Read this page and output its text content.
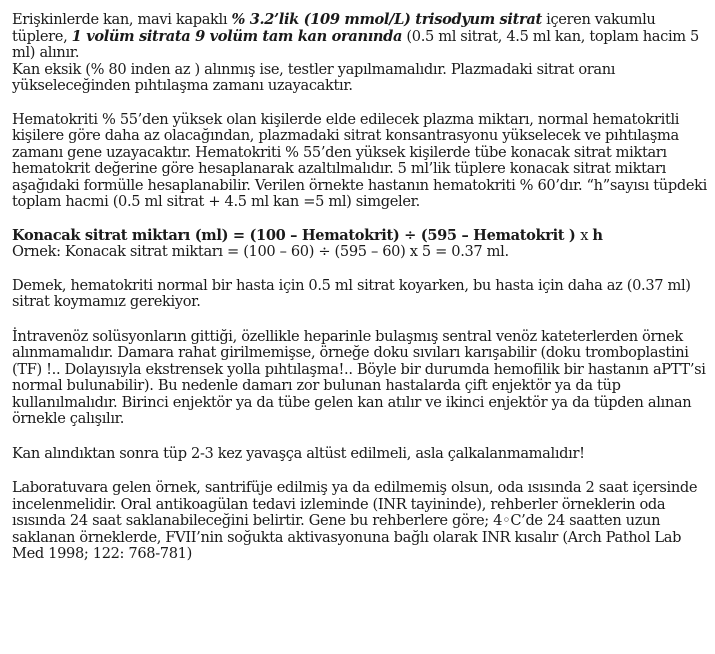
Erişkinlerde kan, mavi kapaklı % 3.2’lik (109 mmol/L) trisodyum sitrat içeren vakumlu tüplere, 1 volüm sitrata 9 volüm tam kan oranında (0.5 ml sitrat, 4.5 ml kan, toplam hacim 5 ml) alınır.

Kan eksik (% 80 inden az ) alınmış ise, testler yapılmamalıdır. Plazmadaki sitrat oranı yükseleceğinden pıhtılaşma zamanı uzayacaktır.

Hematokriti % 55’den yüksek olan kişilerde elde edilecek plazma miktarı, normal hematokritli kişilere göre daha az olacağından, plazmadaki sitrat konsantrasyonu yükselecek ve pıhtılaşma zamanı gene uzayacaktır. Hematokriti % 55’den yüksek kişilerde tübe konacak sitrat miktarı hematokrit değerine göre hesaplanarak azaltılmalıdır. 5 ml’lik tüplere konacak sitrat miktarı aşağıdaki formülle hesaplanabilir. Verilen örnekte hastanın hematokriti % 60’dır. “h”sayısı tüpdeki toplam hacmi (0.5 ml sitrat + 4.5 ml kan =5 ml) simgeler.

Konacak sitrat miktarı (ml) = (100 – Hematokrit) ÷ (595 – Hematokrit ) x h

Ornek: Konacak sitrat miktarı = (100 – 60) ÷ (595 – 60) x 5 = 0.37 ml.

Demek, hematokriti normal bir hasta için 0.5 ml sitrat koyarken, bu hasta için daha az (0.37 ml) sitrat koymamız gerekiyor.

İntravenöz solüsyonların gittiği, özellikle heparinle bulaşmış sentral venöz kateterlerden örnek alınmamalıdır. Damara rahat girilmemişse, örneğe doku sıvıları karışabilir (doku tromboplastini (TF) !.. Dolayısıyla ekstrensek yolla pıhtılaşma!.. Böyle bir durumda hemofilik bir hastanın aPTT’si normal bulunabilir). Bu nedenle damarı zor bulunan hastalarda çift enjektör ya da tüp kullanılmalıdır. Birinci enjektör ya da tübe gelen kan atılır ve ikinci enjektör ya da tüpden alınan örnekle çalışılır.

Kan alındıktan sonra tüp 2-3 kez yavaşça altüst edilmeli, asla çalkalanmamalıdır!

Laboratuvara gelen örnek, santrifüje edilmiş ya da edilmemiş olsun, oda ısısında 2 saat içersinde incelenmelidir. Oral antikoagülan tedavi izleminde (INR tayininde), rehberler örneklerin oda ısısında 24 saat saklanabileceğini belirtir. Gene bu rehberlere göre; 4◦C’de 24 saatten uzun saklanan örneklerde, FVII’nin soğukta aktivasyonuna bağlı olarak INR kısalır (Arch Pathol Lab Med 1998; 122: 768-781)
